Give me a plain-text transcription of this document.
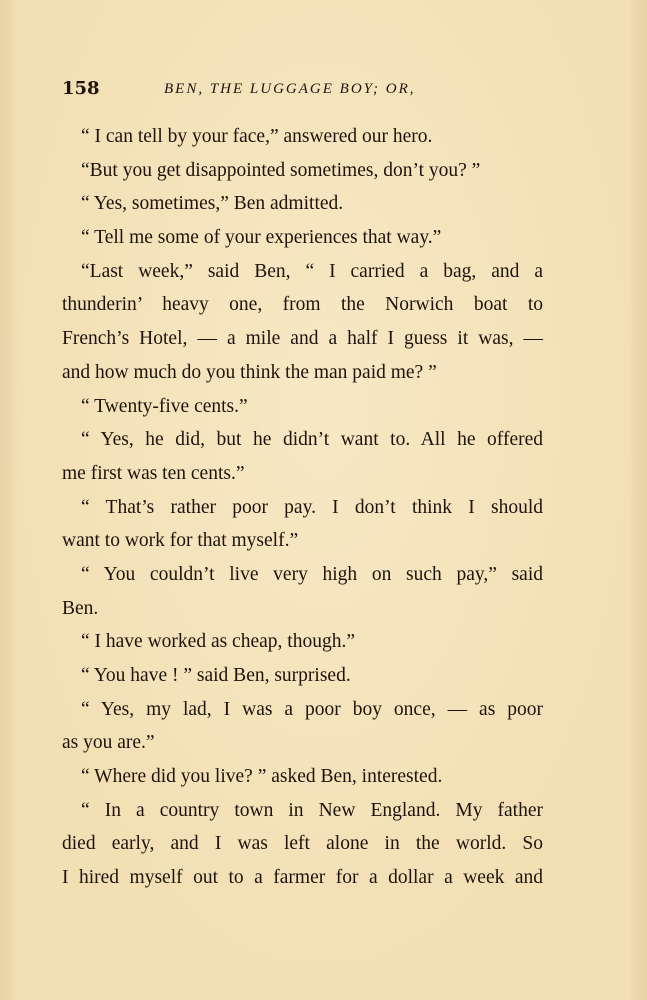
158	BEN, THE LUGGAGE BOY; OR,
“ I can tell by your face,” answered our hero.
“But you get disappointed sometimes, don’t you? ”
“ Yes, sometimes,” Ben admitted.
“ Tell me some of your experiences that way.”
“Last week,” said Ben, “ I carried a bag, and a
thunderin’ heavy one, from the Norwich boat to
French’s Hotel, — a mile and a half I guess it was, —
and how much do you think the man paid me? ”
“ Twenty-five cents.”
“ Yes, he did, but he didn’t want to. All he offered
me first was ten cents.”
“ That’s rather poor pay. I don’t think I should
want to work for that myself.”
“ You couldn’t live very high on such pay,” said
Ben.
“ I have worked as cheap, though.”
“ You have ! ” said Ben, surprised.
“ Yes, my lad, I was a poor boy once, — as poor
as you are.”
“ Where did you live? ” asked Ben, interested.
“ In a country town in New England. My father
died early, and I was left alone in the world. So
I hired myself out to a farmer for a dollar a week and
